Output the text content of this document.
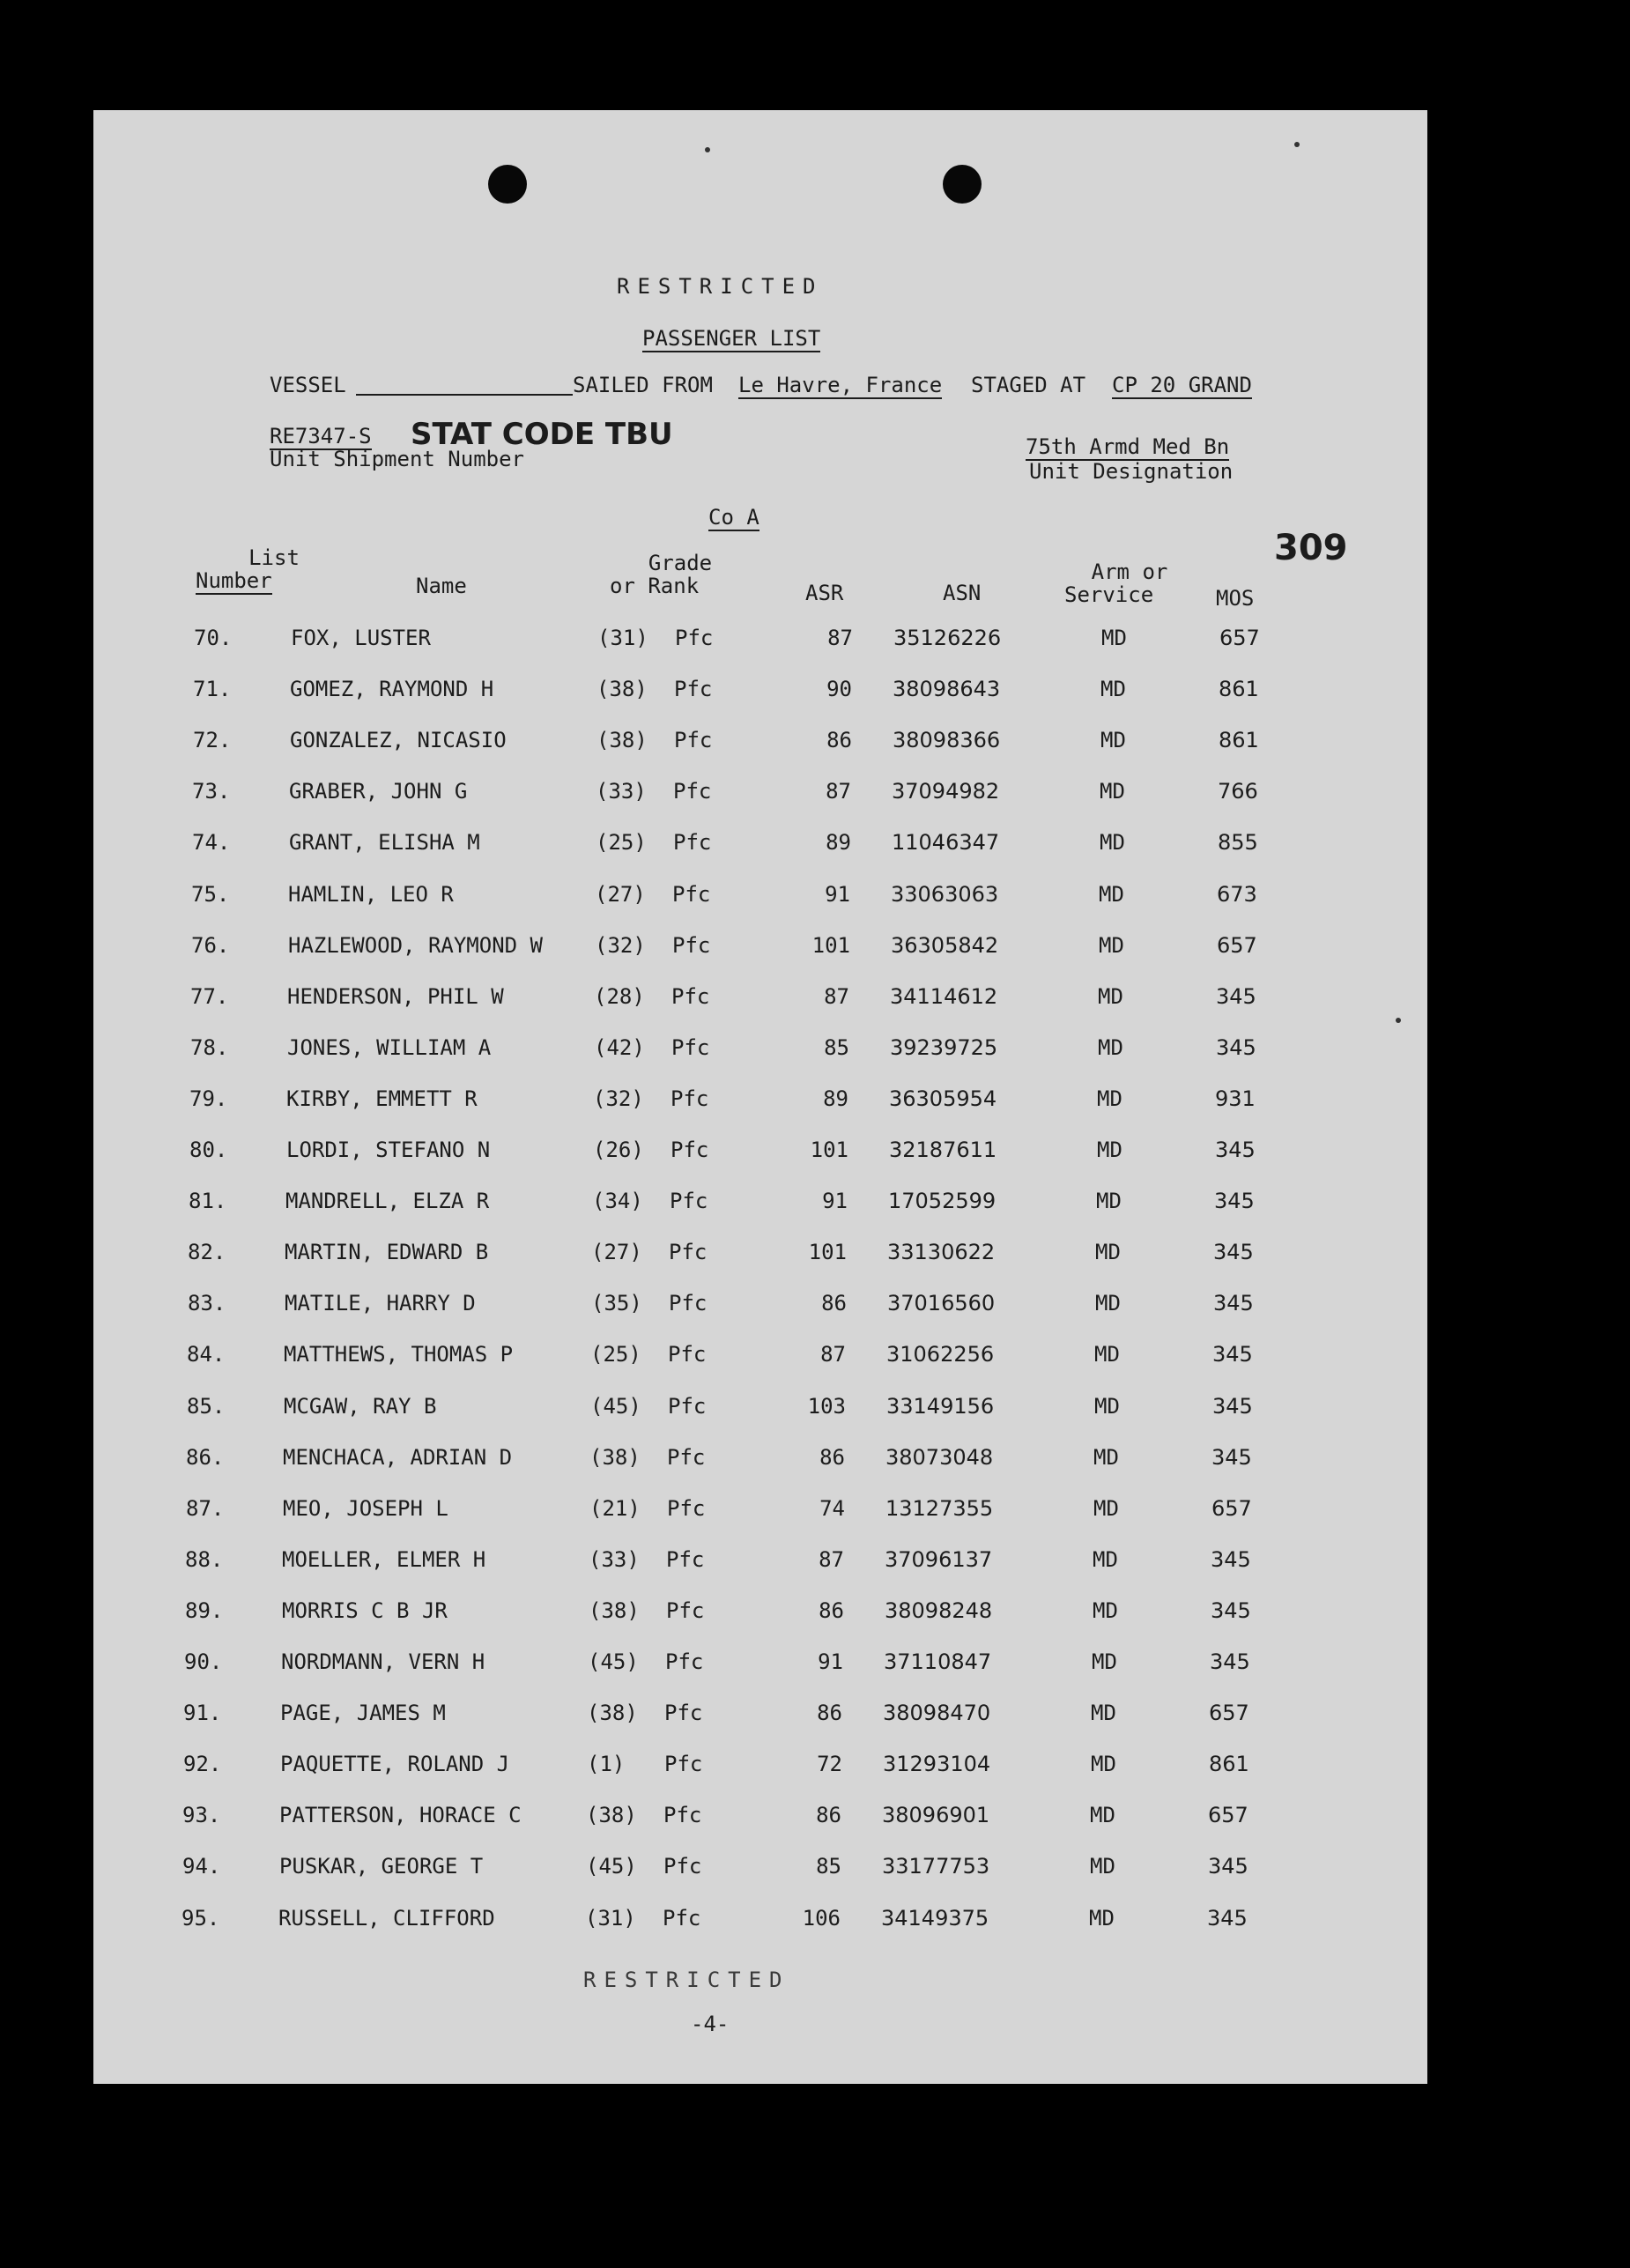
RESTRICTED
PASSENGER LIST
VESSEL	SAILED FROM Le Havre, France STAGED AT CP 20 GRAND
RE7347-S STAT CODE TBU
Unit Shipment Number	75th Armd Med Bn
Unit Designation
Co A
309
List
Number	Name
Grade
or Rank	ASR	ASN
Arm or
Service	MOS
70.	FOX, LUSTER	(31) Pfc	87 35126226	MD	657
71.	GOMEZ, RAYMOND H	(38) Pfc	90 38098643	MD	861
72.	GONZALEZ, NICASIO	(38) Pfc	86 38098366	MD	861
73.	GRABER, JOHN G	(33) Pfc	87 37094982	MD	766
74.	GRANT, ELISHA M	(25) Pfc	89 11046347	MD	855
75.	HAMLIN, LEO R	(27) Pfc	91 33063063	MD	673
76.	HAZLEWOOD, RAYMOND W (32) Pfc	101 36305842	MD	657
77.	HENDERSON, PHIL W	(28) Pfc	87 34114612	MD	345
78.	JONES, WILLIAM A	(42) Pfc	85 39239725	MD	345
79.	KIRBY, EMMETT R	(32) Pfc	89 36305954	MD	931
80.	LORDI, STEFANO N	(26) Pfc	101 32187611	MD	345
81.	MANDRELL, ELZA R	(34) Pfc	91 17052599	MD	345
82.	MARTIN, EDWARD B	(27) Pfc	101 33130622	MD	345
83.	MATILE, HARRY D	(35) Pfc	86 37016560	MD	345
84.	MATTHEWS, THOMAS P	(25) Pfc	87 31062256	MD	345
85.	MCGAW, RAY B	(45) Pfc	103 33149156	MD	345
86.	MENCHACA, ADRIAN D	(38) Pfc	86 38073048	MD	345
87.	MEO, JOSEPH L	(21) Pfc	74 13127355	MD	657
88.	MOELLER, ELMER H	(33) Pfc	87 37096137	MD	345
89.	MORRIS C B JR	(38) Pfc	86 38098248	MD	345
90.	NORDMANN, VERN H	(45) Pfc	91 37110847	MD	345
91.	PAGE, JAMES M	(38) Pfc	86 38098470	MD	657
92.	PAQUETTE, ROLAND J	(1) Pfc	72 31293104	MD	861
93.	PATTERSON, HORACE C	(38) Pfc	86 38096901	MD	657
94.	PUSKAR, GEORGE T	(45) Pfc	85 33177753	MD	345
95.	RUSSELL, CLIFFORD	(31) Pfc	106 34149375	MD	345
RESTRICTED
-4-
